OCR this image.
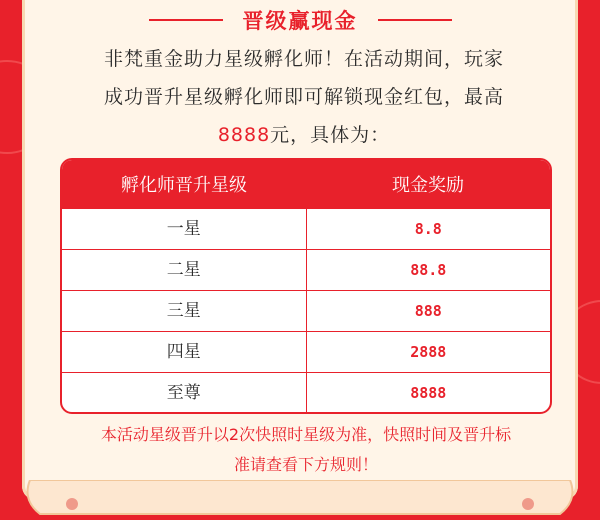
晋级赢现金
非梵重金助力星级孵化师！在活动期间，玩家
成功晋升星级孵化师即可解锁现金红包，最高
8888元，具体为：
孵化师晋升星级	现金奖励
一星	8.8
二星	88.8
三星	888
四星	2888
至尊	8888
本活动星级晋升以2次快照时星级为准，快照时间及晋升标
准请查看下方规则！
